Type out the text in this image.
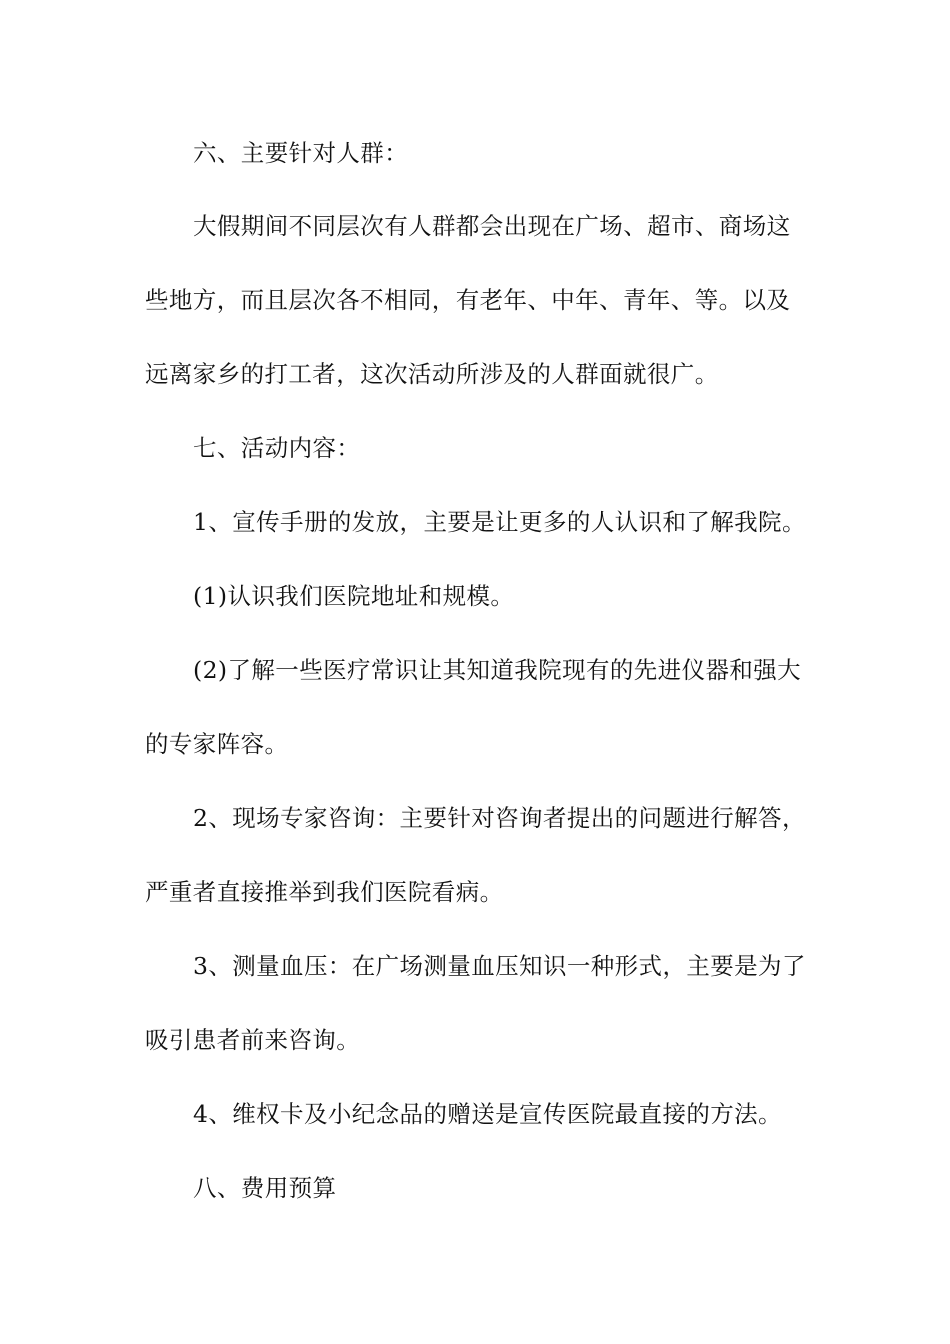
六、主要针对人群：
大假期间不同层次有人群都会出现在广场、超市、商场这
些地方，而且层次各不相同，有老年、中年、青年、等。以及
远离家乡的打工者，这次活动所涉及的人群面就很广。
七、活动内容：
1、宣传手册的发放，主要是让更多的人认识和了解我院。
(1)认识我们医院地址和规模。
(2)了解一些医疗常识让其知道我院现有的先进仪器和强大
的专家阵容。
2、现场专家咨询：主要针对咨询者提出的问题进行解答，
严重者直接推举到我们医院看病。
3、测量血压：在广场测量血压知识一种形式，主要是为了
吸引患者前来咨询。
4、维权卡及小纪念品的赠送是宣传医院最直接的方法。
八、费用预算
